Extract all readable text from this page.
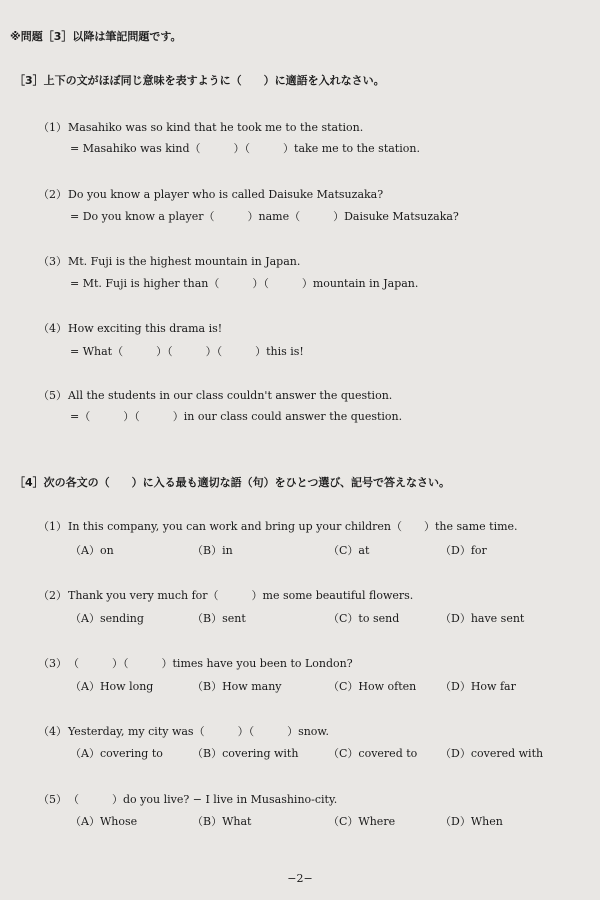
※問題［3］以降は筆記問題です。
［3］上下の文がほぼ同じ意味を表すように（　　）に適語を入れなさい。
（1）Masahiko was so kind that he took me to the station.
= Masahiko was kind（　　　）（　　　）take me to the station.
（2）Do you know a player who is called Daisuke Matsuzaka?
= Do you know a player（　　　）name（　　　）Daisuke Matsuzaka?
（3）Mt. Fuji is the highest mountain in Japan.
= Mt. Fuji is higher than（　　　）（　　　）mountain in Japan.
（4）How exciting this drama is!
= What（　　　）（　　　）（　　　）this is!
（5）All the students in our class couldn't answer the question.
=（　　　）（　　　）in our class could answer the question.
［4］次の各文の（　　）に入る最も適切な語（句）をひとつ選び、記号で答えなさい。
（1）In this company, you can work and bring up your children（　　）the same time.
（A）on	（B）in	（C）at	（D）for
（2）Thank you very much for（　　　）me some beautiful flowers.
（A）sending	（B）sent	（C）to send	（D）have sent
（3）（　　　）（　　　）times have you been to London?
（A）How long	（B）How many	（C）How often （D）How far
（4）Yesterday, my city was（　　　）（　　　）snow.
（A）covering to	（B）covering with	（C）covered to （D）covered with
（5）（　　　）do you live? − I live in Musashino-city.
（A）Whose	（B）What	（C）Where	（D）When
−2−
